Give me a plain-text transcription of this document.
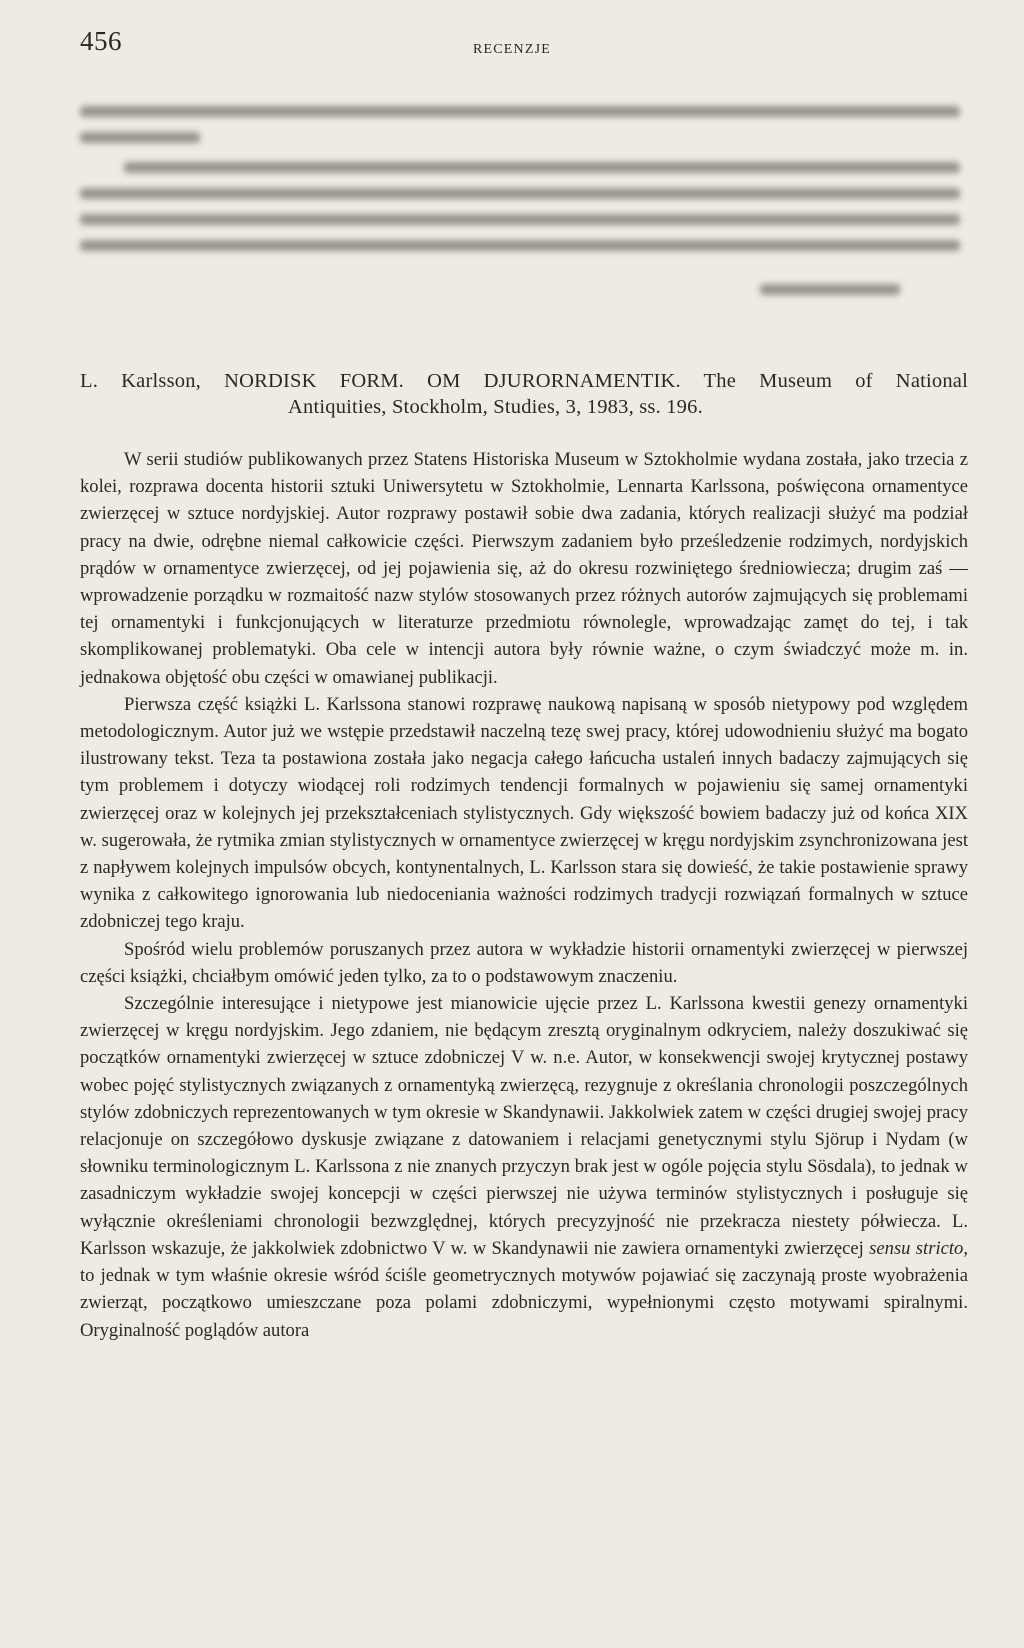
456	RECENZJE
L. Karlsson, NORDISK FORM. OM DJURORNAMENTIK. The Museum of National
Antiquities, Stockholm, Studies, 3, 1983, ss. 196.

W serii studiów publikowanych przez Statens Historiska Museum w Sztokholmie wydana została, jako trzecia z kolei, rozprawa docenta historii sztuki Uniwersytetu w Sztokholmie, Lennarta Karlssona, poświęcona ornamentyce zwierzęcej w sztuce nordyjskiej. Autor rozprawy postawił sobie dwa zadania, których realizacji służyć ma podział pracy na dwie, odrębne niemal całkowicie części. Pierwszym zadaniem było prześledzenie rodzimych, nordyjskich prądów w ornamentyce zwierzęcej, od jej pojawienia się, aż do okresu rozwiniętego średniowiecza; drugim zaś — wprowadzenie porządku w rozmaitość nazw stylów stosowanych przez różnych autorów zajmujących się problemami tej ornamentyki i funkcjonujących w literaturze przedmiotu równolegle, wprowadzając zamęt do tej, i tak skomplikowanej problematyki. Oba cele w intencji autora były równie ważne, o czym świadczyć może m. in. jednakowa objętość obu części w omawianej publikacji.

Pierwsza część książki L. Karlssona stanowi rozprawę naukową napisaną w sposób nietypowy pod względem metodologicznym. Autor już we wstępie przedstawił naczelną tezę swej pracy, której udowodnieniu służyć ma bogato ilustrowany tekst. Teza ta postawiona została jako negacja całego łańcucha ustaleń innych badaczy zajmujących się tym problemem i dotyczy wiodącej roli rodzimych tendencji formalnych w pojawieniu się samej ornamentyki zwierzęcej oraz w kolejnych jej przekształceniach stylistycznych. Gdy większość bowiem badaczy już od końca XIX w. sugerowała, że rytmika zmian stylistycznych w ornamentyce zwierzęcej w kręgu nordyjskim zsynchronizowana jest z napływem kolejnych impulsów obcych, kontynentalnych, L. Karlsson stara się dowieść, że takie postawienie sprawy wynika z całkowitego ignorowania lub niedoceniania ważności rodzimych tradycji rozwiązań formalnych w sztuce zdobniczej tego kraju.

Spośród wielu problemów poruszanych przez autora w wykładzie historii ornamentyki zwierzęcej w pierwszej części książki, chciałbym omówić jeden tylko, za to o podstawowym znaczeniu.

Szczególnie interesujące i nietypowe jest mianowicie ujęcie przez L. Karlssona kwestii genezy ornamentyki zwierzęcej w kręgu nordyjskim. Jego zdaniem, nie będącym zresztą oryginalnym odkryciem, należy doszukiwać się początków ornamentyki zwierzęcej w sztuce zdobniczej V w. n.e. Autor, w konsekwencji swojej krytycznej postawy wobec pojęć stylistycznych związanych z ornamentyką zwierzęcą, rezygnuje z określania chronologii poszczególnych stylów zdobniczych reprezentowanych w tym okresie w Skandynawii. Jakkolwiek zatem w części drugiej swojej pracy relacjonuje on szczegółowo dyskusje związane z datowaniem i relacjami genetycznymi stylu Sjörup i Nydam (w słowniku terminologicznym L. Karlssona z nie znanych przyczyn brak jest w ogóle pojęcia stylu Sösdala), to jednak w zasadniczym wykładzie swojej koncepcji w części pierwszej nie używa terminów stylistycznych i posługuje się wyłącznie określeniami chronologii bezwzględnej, których precyzyjność nie przekracza niestety półwiecza. L. Karlsson wskazuje, że jakkolwiek zdobnictwo V w. w Skandynawii nie zawiera ornamentyki zwierzęcej sensu stricto, to jednak w tym właśnie okresie wśród ściśle geometrycznych motywów pojawiać się zaczynają proste wyobrażenia zwierząt, początkowo umieszczane poza polami zdobniczymi, wypełnionymi często motywami spiralnymi. Oryginalność poglądów autora
